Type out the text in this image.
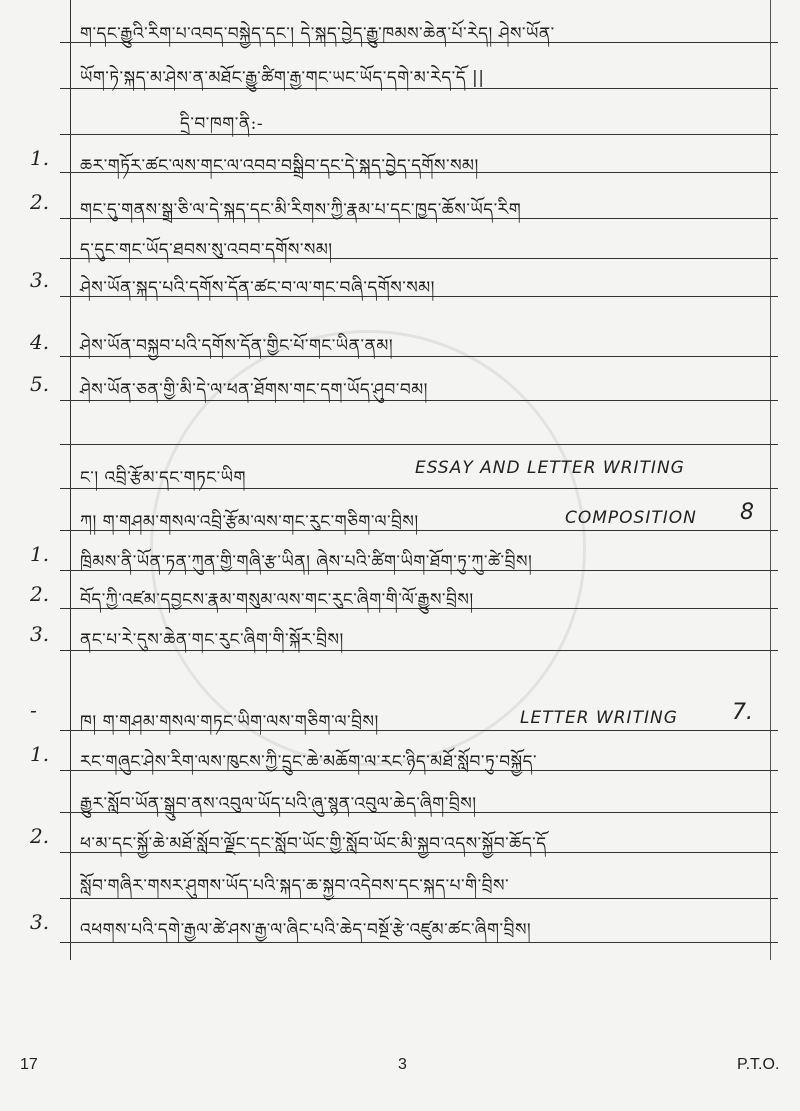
ག་དང་རྒྱུའི་རིག་པ་འབད་བསྐྱེད་དང་། དེ་སྐད་བྱེད་རྒྱུ་ཁམས་ཆེན་པོ་རེད། ཤེས་ཡོན་
ཡོག་ཏེ་སྐད་མ་ཤེས་ན་མཐོང་རྒྱུ་ཚིག་རྒྱ་གང་ཡང་ཡོད་དགེ་མ་རེད་དོ ||
དྲི་བ་ཁག་ནི:-
1. ཆར་གཏོར་ཚང་ལས་གང་ལ་འབབ་བསྒྲིབ་དང་དེ་སྐད་བྱེད་དགོས་སམ།
2. གང་དུ་གནས་སྒྲ་ཅི་ལ་དེ་སྐད་དང་མི་རིགས་ཀྱི་རྣམ་པ་དང་ཁྱད་ཆོས་ཡོད་རིག
ད་དུང་གང་ཡོད་ཐབས་སུ་འབབ་དགོས་སམ།
3. ཤེས་ཡོན་སྐད་པའི་དགོས་དོན་ཚང་བ་ལ་གང་བཞི་དགོས་སམ།
4. ཤེས་ཡོན་བསྐྱབ་པའི་དགོས་དོན་གྱིང་པོ་གང་ཡིན་ནམ།
5. ཤེས་ཡོན་ཅན་གྱི་མི་དེ་ལ་ཕན་ཐོགས་གང་དག་ཡོད་ཤུབ་བམ།
ང་། འབྲི་རྩོམ་དང་གཏང་ཡིག	ESSAY AND LETTER WRITING
ཀ། ག་གཤམ་གསལ་འབྲི་རྩོམ་ལས་གང་རུང་གཅིག་ལ་བྲིས།	COMPOSITION 8
1. ཁྲིམས་ནི་ཡོན་ཏན་ཀུན་གྱི་གཞི་རྩ་ཡིན། ཞེས་པའི་ཚིག་ཡིག་ཐོག་ཏུ་ཀུ་ཚེ་བྲིས།
2. བོད་ཀྱི་འཛམ་དབྱངས་རྣམ་གསུམ་ལས་གང་རུང་ཞིག་གི་ལོ་རྒྱུས་བྲིས།
3. ནང་པ་རེ་དུས་ཆེན་གང་རུང་ཞིག་གི་སྐོར་བྲིས།
-	ཁ། ག་གཤམ་གསལ་གཏང་ཡིག་ལས་གཅིག་ལ་བྲིས།	LETTER WRITING 7.
1. རང་གཞུང་ཤེས་རིག་ལས་ཁུངས་ཀྱི་དྲུང་ཆེ་མཆོག་ལ་རང་ཉིད་མཐོ་སློབ་ཏུ་བསྐྱོད་
རྒྱུར་སློབ་ཡོན་སྒྲུབ་ནས་འབུལ་ཡོད་པའི་ཞུ་སྙན་འབུལ་ཆེད་ཞིག་བྲིས།
2. ཕ་མ་དང་སྐྱོ་ཆེ་མཐོ་སློབ་ལྗོང་དང་སློབ་ཡོང་གྱི་སློབ་ཡོང་མི་སྐྱབ་འདས་སྐྱོབ་ཆོད་དོ
སློབ་གཞིར་གསར་ཤུགས་ཡོད་པའི་སྐད་ཆ་སྐྱབ་འདེབས་དང་སྐད་པ་གི་བྲིས་
3. འཕགས་པའི་དགེ་རྒྱལ་ཚེ་ཤས་རྒྱ་ལ་ཞིང་པའི་ཆེད་བསྔོ་རྩེ་འཛུམ་ཚང་ཞིག་བྲིས།
17	3	P.T.O.
